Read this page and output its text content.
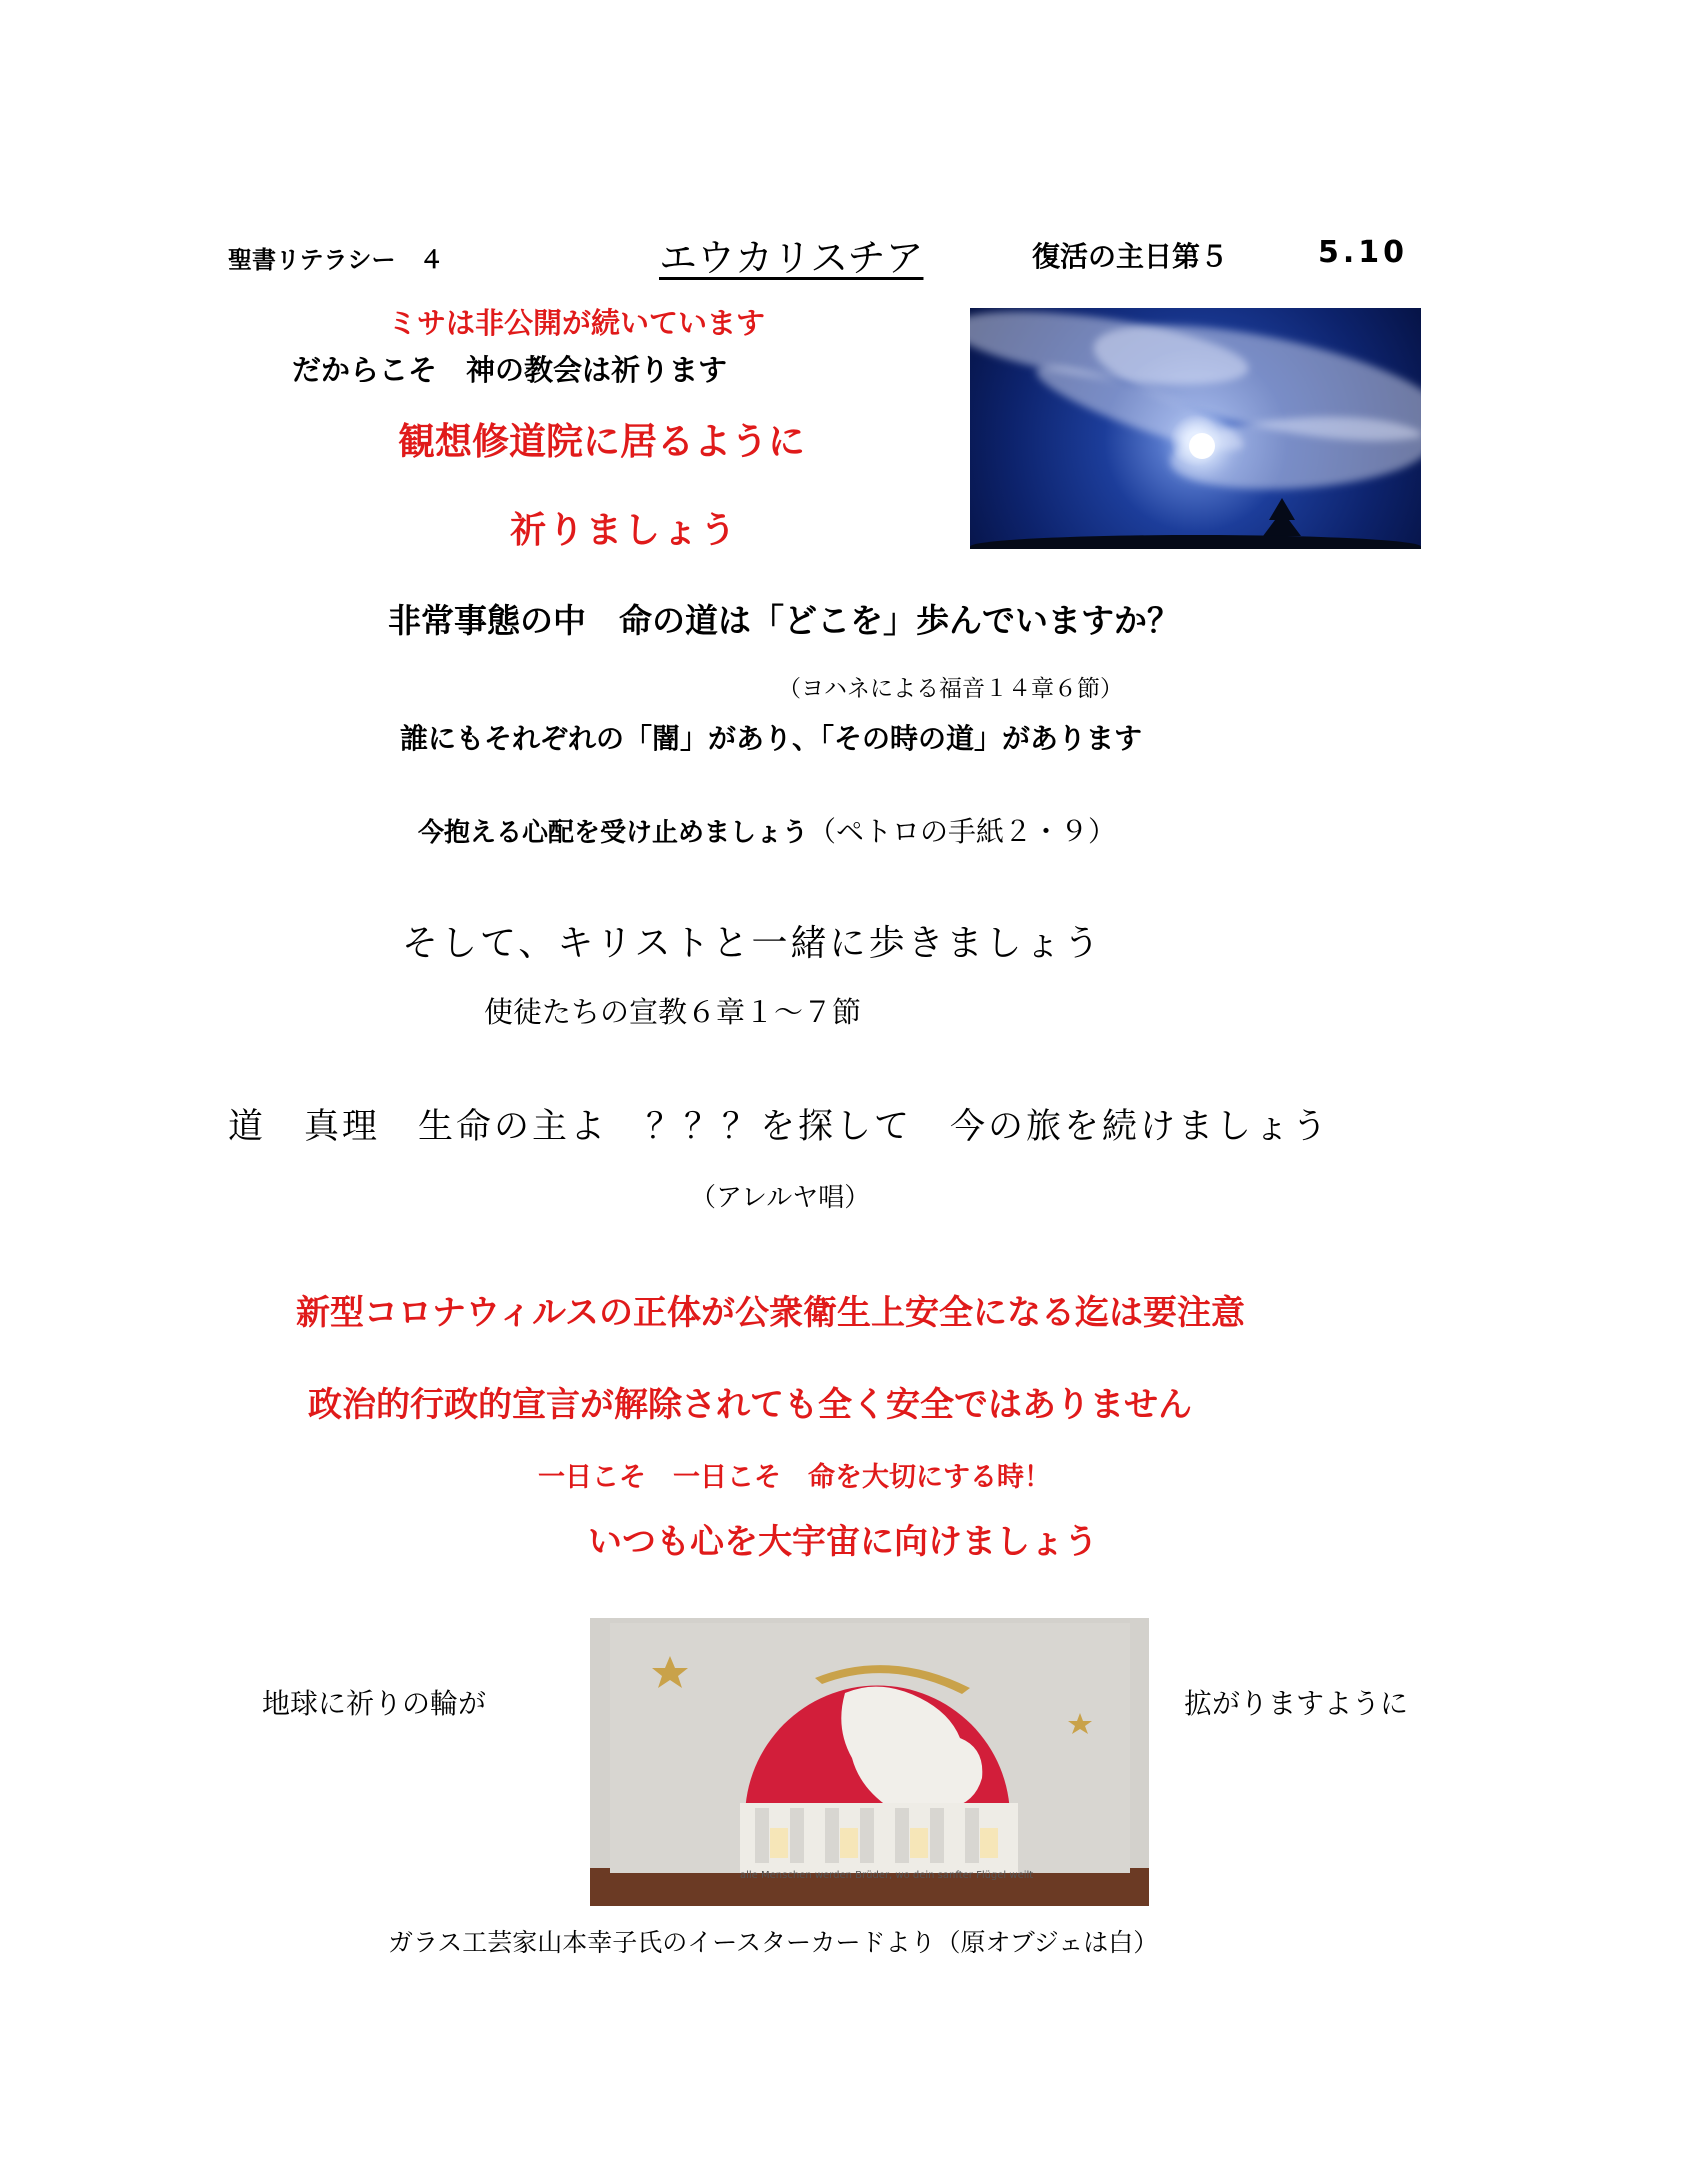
聖書リテラシー　４	エウカリスチア	復活の主日第５	5.10
ミサは非公開が続いています
だからこそ　神の教会は祈ります
観想修道院に居るように
祈りましょう
非常事態の中　命の道は「どこを」歩んでいますか？
（ヨハネによる福音１４章６節）
誰にもそれぞれの「闇」があり、「その時の道」があります
今抱える心配を受け止めましょう（ペトロの手紙２・９）
そして、キリストと一緒に歩きましょう
使徒たちの宣教６章１～７節
道　真理　生命の主よ　？？？を探して　今の旅を続けましょう
（アレルヤ唱）
新型コロナウィルスの正体が公衆衛生上安全になる迄は要注意
政治的行政的宣言が解除されても全く安全ではありません
一日こそ　一日こそ　命を大切にする時！
いつも心を大宇宙に向けましょう
地球に祈りの輪が	拡がりますように
alle Menschen werden Brüder, wo dein sanfter Flügel weilt
ガラス工芸家山本幸子氏のイースターカードより（原オブジェは白）
